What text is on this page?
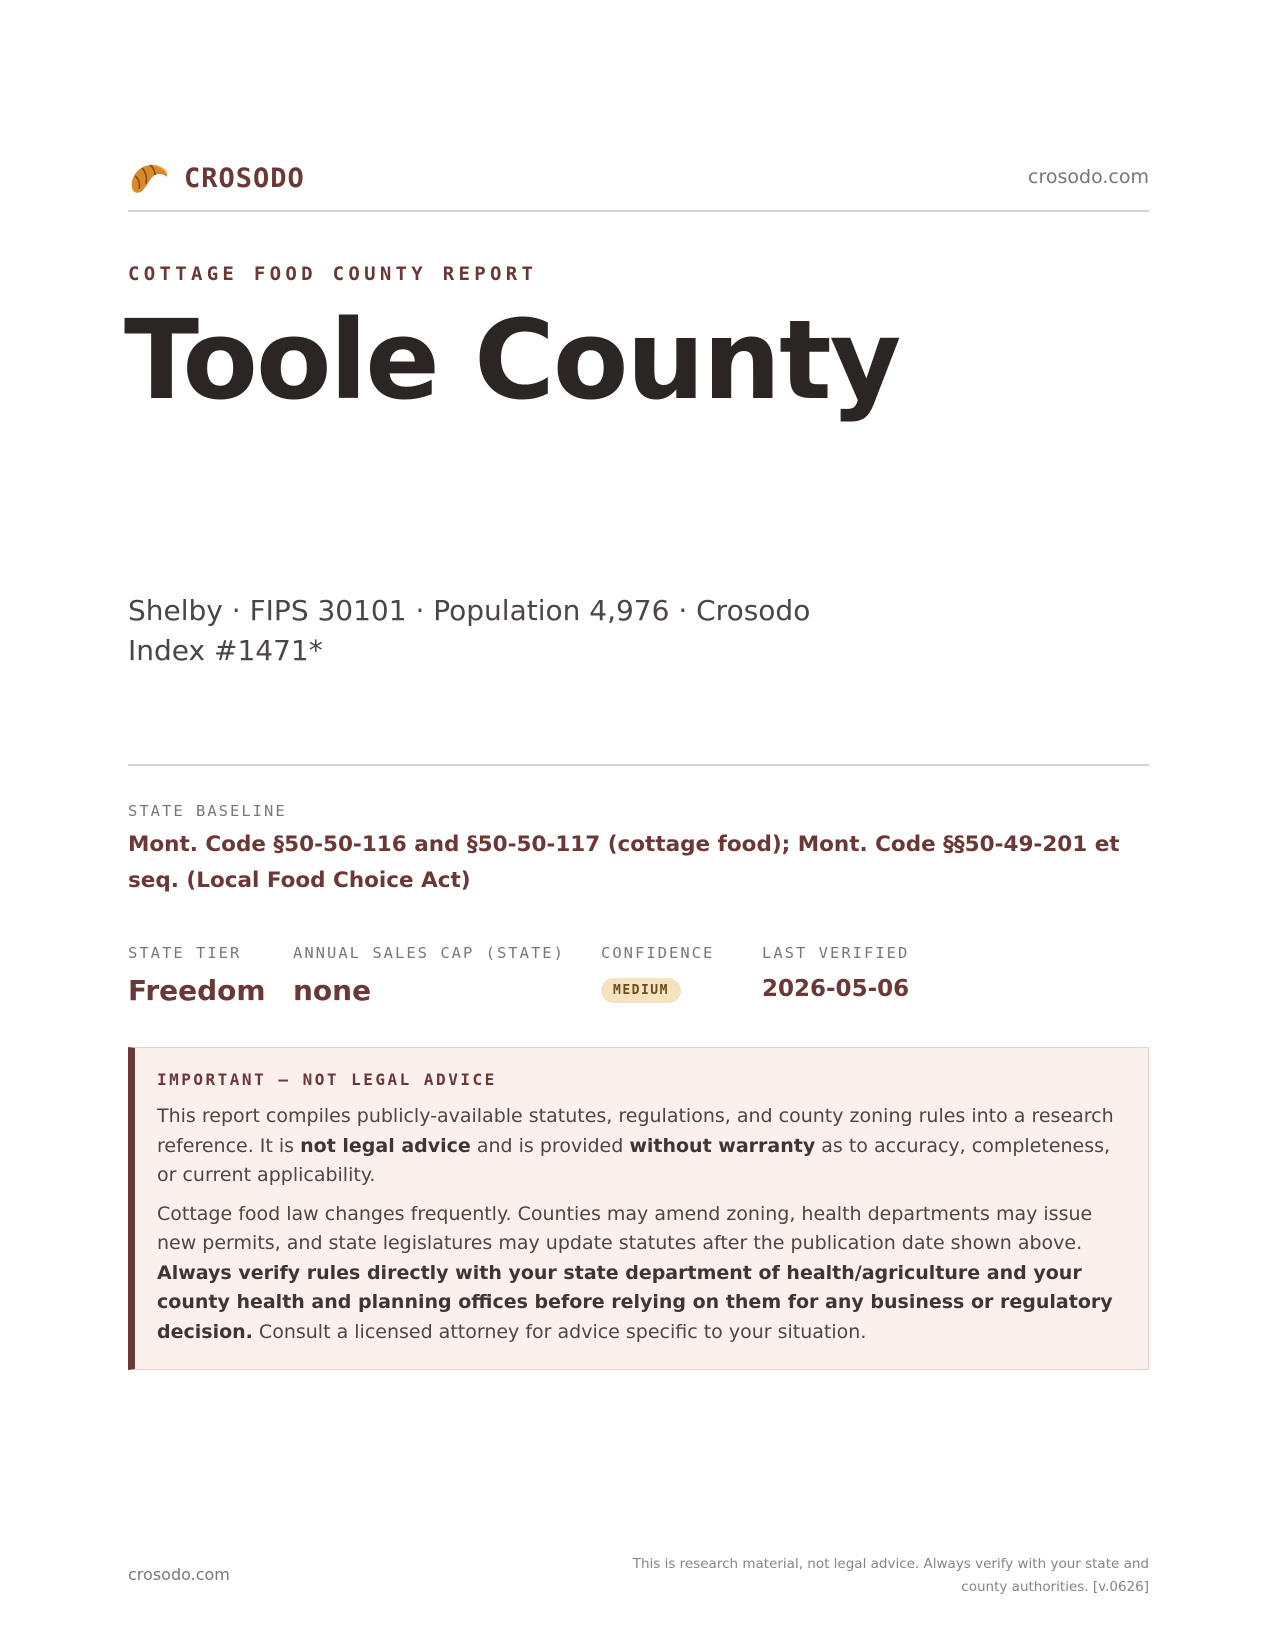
CROSODO	crosodo.com
COTTAGE FOOD COUNTY REPORT
Toole County
Shelby · FIPS 30101 · Population 4,976 · Crosodo Index #1471*
STATE BASELINE
Mont. Code §50-50-116 and §50-50-117 (cottage food); Mont. Code §§50-49-201 et seq. (Local Food Choice Act)
STATE TIER
Freedom
ANNUAL SALES CAP (STATE)
none
CONFIDENCE
MEDIUM
LAST VERIFIED
2026-05-06
IMPORTANT — NOT LEGAL ADVICE

This report compiles publicly-available statutes, regulations, and county zoning rules into a research reference. It is not legal advice and is provided without warranty as to accuracy, completeness, or current applicability.

Cottage food law changes frequently. Counties may amend zoning, health departments may issue new permits, and state legislatures may update statutes after the publication date shown above. Always verify rules directly with your state department of health/agriculture and your county health and planning offices before relying on them for any business or regulatory decision. Consult a licensed attorney for advice specific to your situation.

crosodo.com
This is research material, not legal advice. Always verify with your state and county authorities. [v.0626]
